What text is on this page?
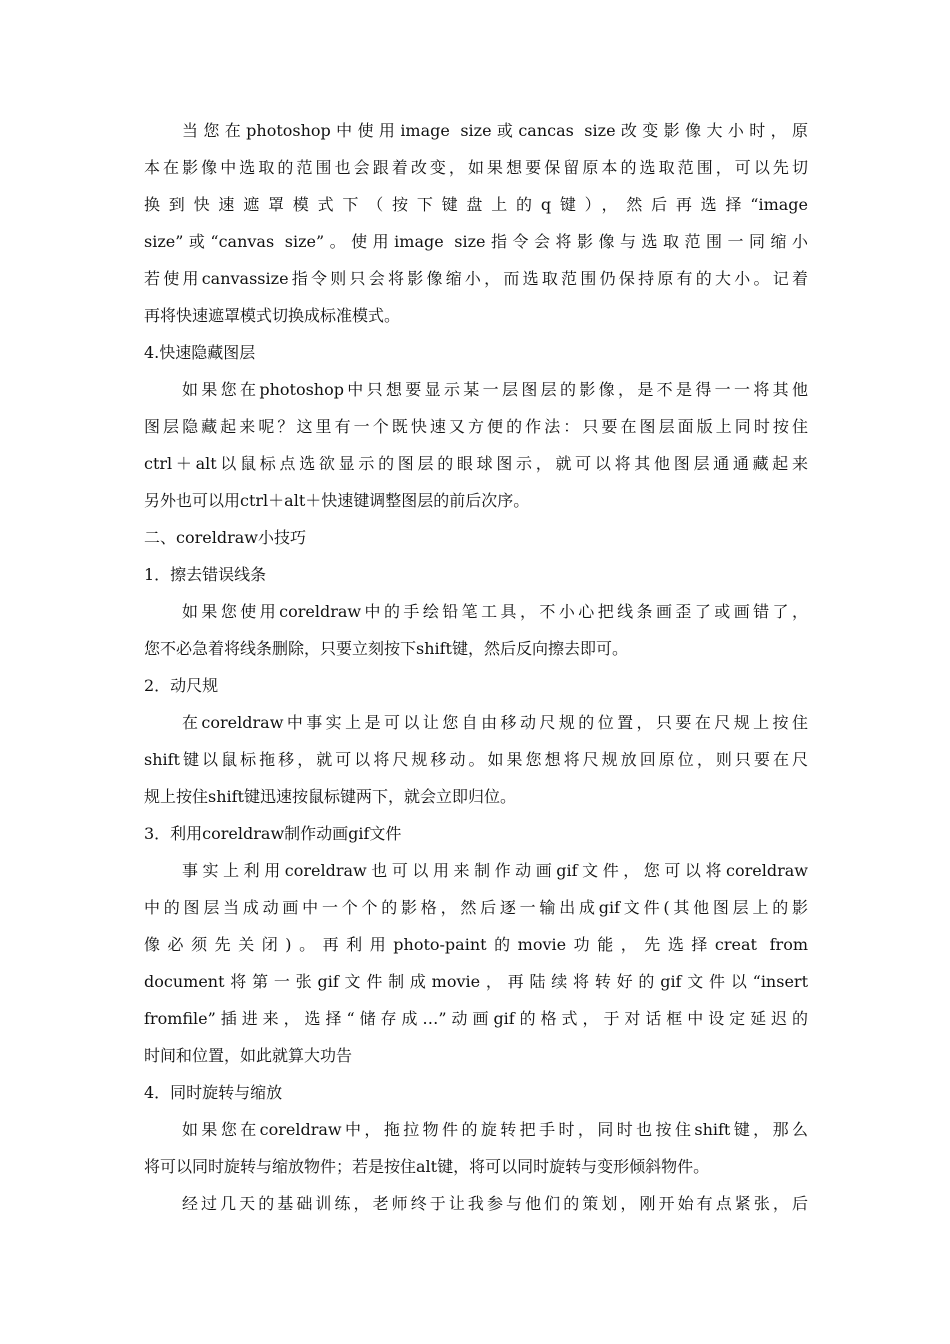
当您在photoshop中使用image size或cancas size改变影像大小时，原
本在影像中选取的范围也会跟着改变，如果想要保留原本的选取范围，可以先切
换到快速遮罩模式下（按下键盘上的q键），然后再选择“image
size”或“canvas size”。使用image size指令会将影像与选取范围一同缩小
若使用canvassize指令则只会将影像缩小，而选取范围仍保持原有的大小。记着
再将快速遮罩模式切换成标准模式。
4.快速隐藏图层
如果您在photoshop中只想要显示某一层图层的影像，是不是得一一将其他
图层隐藏起来呢？这里有一个既快速又方便的作法：只要在图层面版上同时按住
ctrl＋alt以鼠标点选欲显示的图层的眼球图示，就可以将其他图层通通藏起来
另外也可以用ctrl＋alt＋快速键调整图层的前后次序。
二、coreldraw小技巧
1．擦去错误线条
如果您使用coreldraw中的手绘铅笔工具，不小心把线条画歪了或画错了，
您不必急着将线条删除，只要立刻按下shift键，然后反向擦去即可。
2．动尺规
在coreldraw中事实上是可以让您自由移动尺规的位置，只要在尺规上按住
shift键以鼠标拖移，就可以将尺规移动。如果您想将尺规放回原位，则只要在尺
规上按住shift键迅速按鼠标键两下，就会立即归位。
3．利用coreldraw制作动画gif文件
事实上利用coreldraw也可以用来制作动画gif文件，您可以将coreldraw
中的图层当成动画中一个个的影格，然后逐一输出成gif文件(其他图层上的影
像必须先关闭)。再利用photo-paint的movie功能，先选择creat from
document将第一张gif文件制成movie，再陆续将转好的gif文件以“insert
fromfile”插进来，选择“储存成…”动画gif的格式，于对话框中设定延迟的
时间和位置，如此就算大功告
4．同时旋转与缩放
如果您在coreldraw中，拖拉物件的旋转把手时，同时也按住shift键，那么
将可以同时旋转与缩放物件；若是按住alt键，将可以同时旋转与变形倾斜物件。
经过几天的基础训练，老师终于让我参与他们的策划，刚开始有点紧张，后
